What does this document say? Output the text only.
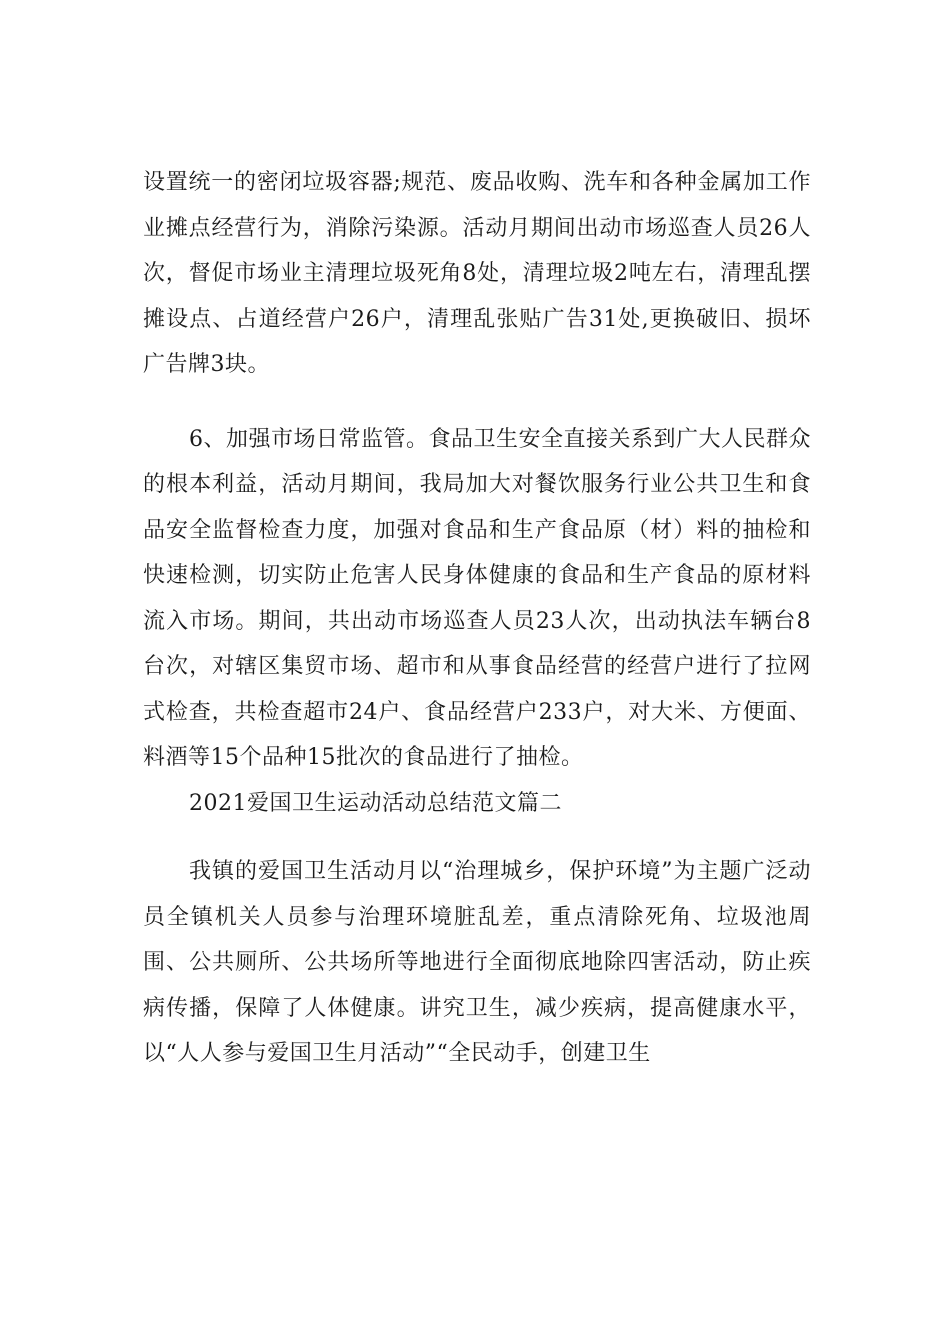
设置统一的密闭垃圾容器;规范、废品收购、洗车和各种金属加工作业摊点经营行为，消除污染源。活动月期间出动市场巡查人员26人次，督促市场业主清理垃圾死角8处，清理垃圾2吨左右，清理乱摆摊设点、占道经营户26户，清理乱张贴广告31处,更换破旧、损坏广告牌3块。

6、加强市场日常监管。食品卫生安全直接关系到广大人民群众的根本利益，活动月期间，我局加大对餐饮服务行业公共卫生和食品安全监督检查力度，加强对食品和生产食品原（材）料的抽检和快速检测，切实防止危害人民身体健康的食品和生产食品的原材料流入市场。期间，共出动市场巡查人员23人次，出动执法车辆台8台次，对辖区集贸市场、超市和从事食品经营的经营户进行了拉网式检查，共检查超市24户、食品经营户233户，对大米、方便面、料酒等15个品种15批次的食品进行了抽检。

2021爱国卫生运动活动总结范文篇二

我镇的爱国卫生活动月以“治理城乡，保护环境”为主题广泛动员全镇机关人员参与治理环境脏乱差，重点清除死角、垃圾池周围、公共厕所、公共场所等地进行全面彻底地除四害活动，防止疾病传播，保障了人体健康。讲究卫生，减少疾病，提高健康水平，以“人人参与爱国卫生月活动”“全民动手，创建卫生
